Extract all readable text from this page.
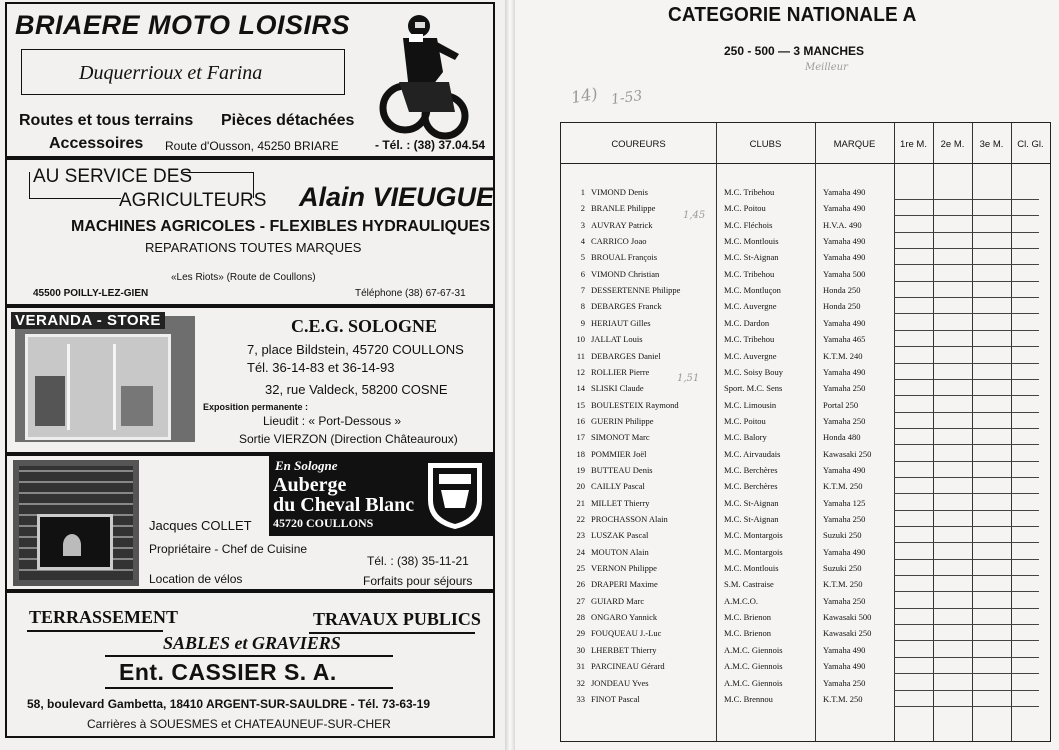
BRIAERE MOTO LOISIRS
Duquerrioux et Farina
Routes et tous terrains Pièces détachées
Accessoires Route d'Ousson, 45250 BRIARE	- Tél. : (38) 37.04.54
AU SERVICE DES
AGRICULTEURS Alain VIEUGUE
MACHINES AGRICOLES - FLEXIBLES HYDRAULIQUES
REPARATIONS TOUTES MARQUES
«Les Riots» (Route de Coullons)
45500 POILLY-LEZ-GIEN	Téléphone (38) 67-67-31
VERANDA - STORE	C.E.G. SOLOGNE
7, place Bildstein, 45720 COULLONS
Tél. 36-14-83 et 36-14-93
32, rue Valdeck, 58200 COSNE
Exposition permanente :
Lieudit : « Port-Dessous »
Sortie VIERZON (Direction Châteauroux)
En Sologne
Auberge
du Cheval Blanc
45720 COULLONS
Jacques COLLET
Propriétaire - Chef de Cuisine
Tél. : (38) 35-11-21
Location de vélos	Forfaits pour séjours
TERRASSEMENT	TRAVAUX PUBLICS
SABLES et GRAVIERS
Ent. CASSIER S. A.
58, boulevard Gambetta, 18410 ARGENT-SUR-SAULDRE - Tél. 73-63-19
Carrières à SOUESMES et CHATEAUNEUF-SUR-CHER
CATEGORIE NATIONALE A
250 - 500 — 3 MANCHES
1-53
Meilleur
14)
1,45
1,51
COUREURS	CLUBS	MARQUE	1re M.	2e M.	3e M.	Cl. Gl.
1 VIMOND Denis	M.C. Tribehou	Yamaha 490
2 BRANLE Philippe	M.C. Poitou	Yamaha 490
3 AUVRAY Patrick	M.C. Fléchois	H.V.A. 490
4 CARRICO Joao	M.C. Montlouis	Yamaha 490
5 BROUAL François	M.C. St-Aignan	Yamaha 490
6 VIMOND Christian	M.C. Tribehou	Yamaha 500
7 DESSERTENNE Philippe	M.C. Montluçon	Honda 250
8 DEBARGES Franck	M.C. Auvergne	Honda 250
9 HERIAUT Gilles	M.C. Dardon	Yamaha 490
10 JALLAT Louis	M.C. Tribehou	Yamaha 465
11 DEBARGES Daniel	M.C. Auvergne	K.T.M. 240
12 ROLLIER Pierre	M.C. Soisy Bouy	Yamaha 490
14 SLISKI Claude	Sport. M.C. Sens	Yamaha 250
15 BOULESTEIX Raymond	M.C. Limousin	Portal 250
16 GUERIN Philippe	M.C. Poitou	Yamaha 250
17 SIMONOT Marc	M.C. Balory	Honda 480
18 POMMIER Joël	M.C. Airvaudais	Kawasaki 250
19 BUTTEAU Denis	M.C. Berchères	Yamaha 490
20 CAILLY Pascal	M.C. Berchères	K.T.M. 250
21 MILLET Thierry	M.C. St-Aignan	Yamaha 125
22 PROCHASSON Alain	M.C. St-Aignan	Yamaha 250
23 LUSZAK Pascal	M.C. Montargois	Suzuki 250
24 MOUTON Alain	M.C. Montargois	Yamaha 490
25 VERNON Philippe	M.C. Montlouis	Suzuki 250
26 DRAPERI Maxime	S.M. Castraise	K.T.M. 250
27 GUIARD Marc	A.M.C.O.	Yamaha 250
28 ONGARO Yannick	M.C. Brienon	Kawasaki 500
29 FOUQUEAU J.-Luc	M.C. Brienon	Kawasaki 250
30 LHERBET Thierry	A.M.C. Giennois	Yamaha 490
31 PARCINEAU Gérard	A.M.C. Giennois	Yamaha 490
32 JONDEAU Yves	A.M.C. Giennois	Yamaha 250
33 FINOT Pascal	M.C. Brennou	K.T.M. 250
